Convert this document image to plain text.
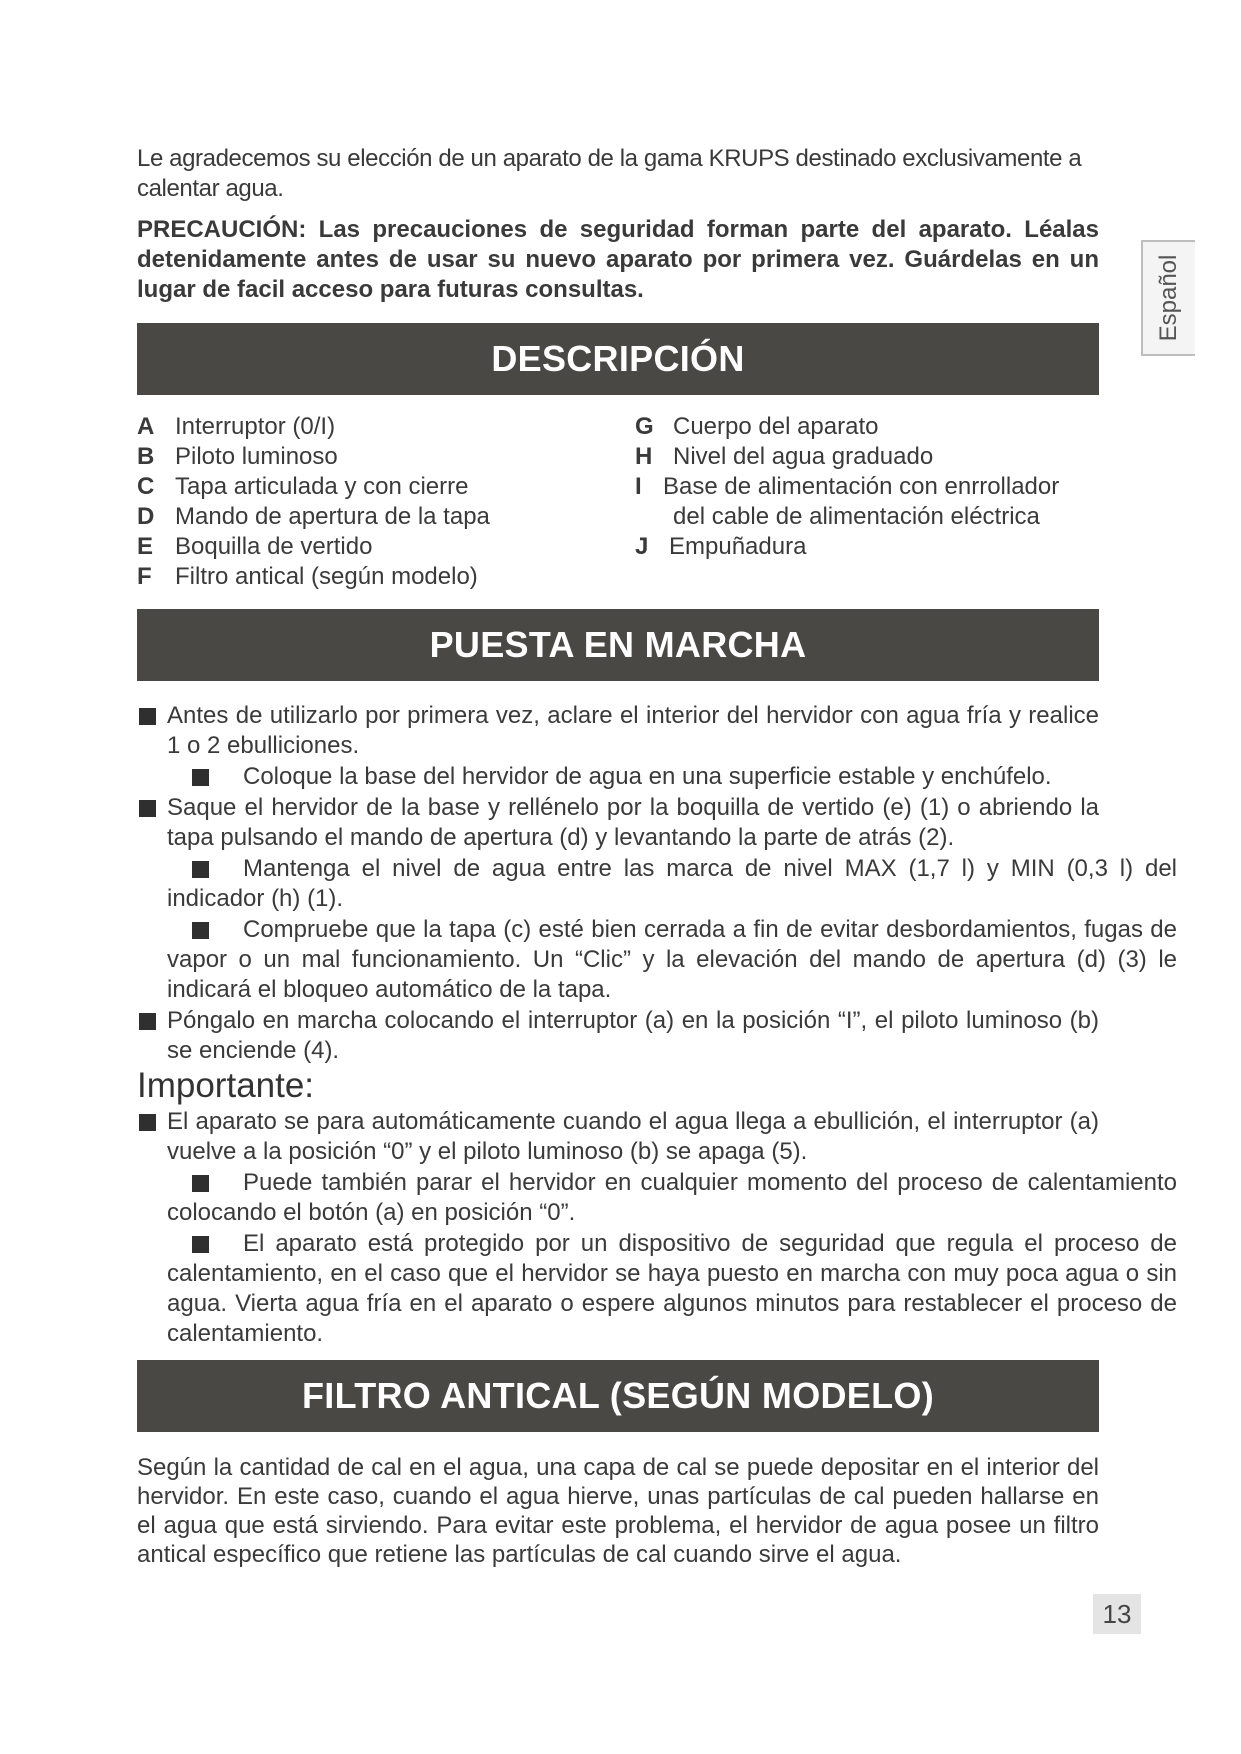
Le agradecemos su elección de un aparato de la gama KRUPS destinado exclusivamente a calentar agua.
PRECAUCIÓN: Las precauciones de seguridad forman parte del aparato. Léalas detenidamente antes de usar su nuevo aparato por primera vez. Guárdelas en un lugar de facil acceso para futuras consultas.	Español
DESCRIPCIÓN
A Interruptor (0/I)
B Piloto luminoso
C Tapa articulada y con cierre
D Mando de apertura de la tapa
E Boquilla de vertido
F Filtro antical (según modelo)
G Cuerpo del aparato
H Nivel del agua graduado
I Base de alimentación con enrrollador
del cable de alimentación eléctrica
J Empuñadura
PUESTA EN MARCHA
Antes de utilizarlo por primera vez, aclare el interior del hervidor con agua fría y realice 1 o 2 ebulliciones.
Coloque la base del hervidor de agua en una superficie estable y enchúfelo.
Saque el hervidor de la base y rellénelo por la boquilla de vertido (e) (1) o abriendo la tapa pulsando el mando de apertura (d) y levantando la parte de atrás (2).
Mantenga el nivel de agua entre las marca de nivel MAX (1,7 l) y MIN (0,3 l) del indicador (h) (1).
Compruebe que la tapa (c) esté bien cerrada a fin de evitar desbordamientos, fugas de vapor o un mal funcionamiento. Un “Clic” y la elevación del mando de apertura (d) (3) le indicará el bloqueo automático de la tapa.
Póngalo en marcha colocando el interruptor (a) en la posición “I”, el piloto luminoso (b) se enciende (4).
Importante:
El aparato se para automáticamente cuando el agua llega a ebullición, el interruptor (a) vuelve a la posición “0” y el piloto luminoso (b) se apaga (5).
Puede también parar el hervidor en cualquier momento del proceso de calentamiento colocando el botón (a) en posición “0”.
El aparato está protegido por un dispositivo de seguridad que regula el proceso de calentamiento, en el caso que el hervidor se haya puesto en marcha con muy poca agua o sin agua. Vierta agua fría en el aparato o espere algunos minutos para restablecer el proceso de calentamiento.
FILTRO ANTICAL (SEGÚN MODELO)
Según la cantidad de cal en el agua, una capa de cal se puede depositar en el interior del hervidor. En este caso, cuando el agua hierve, unas partículas de cal pueden hallarse en el agua que está sirviendo. Para evitar este problema, el hervidor de agua posee un filtro antical específico que retiene las partículas de cal cuando sirve el agua.
13
